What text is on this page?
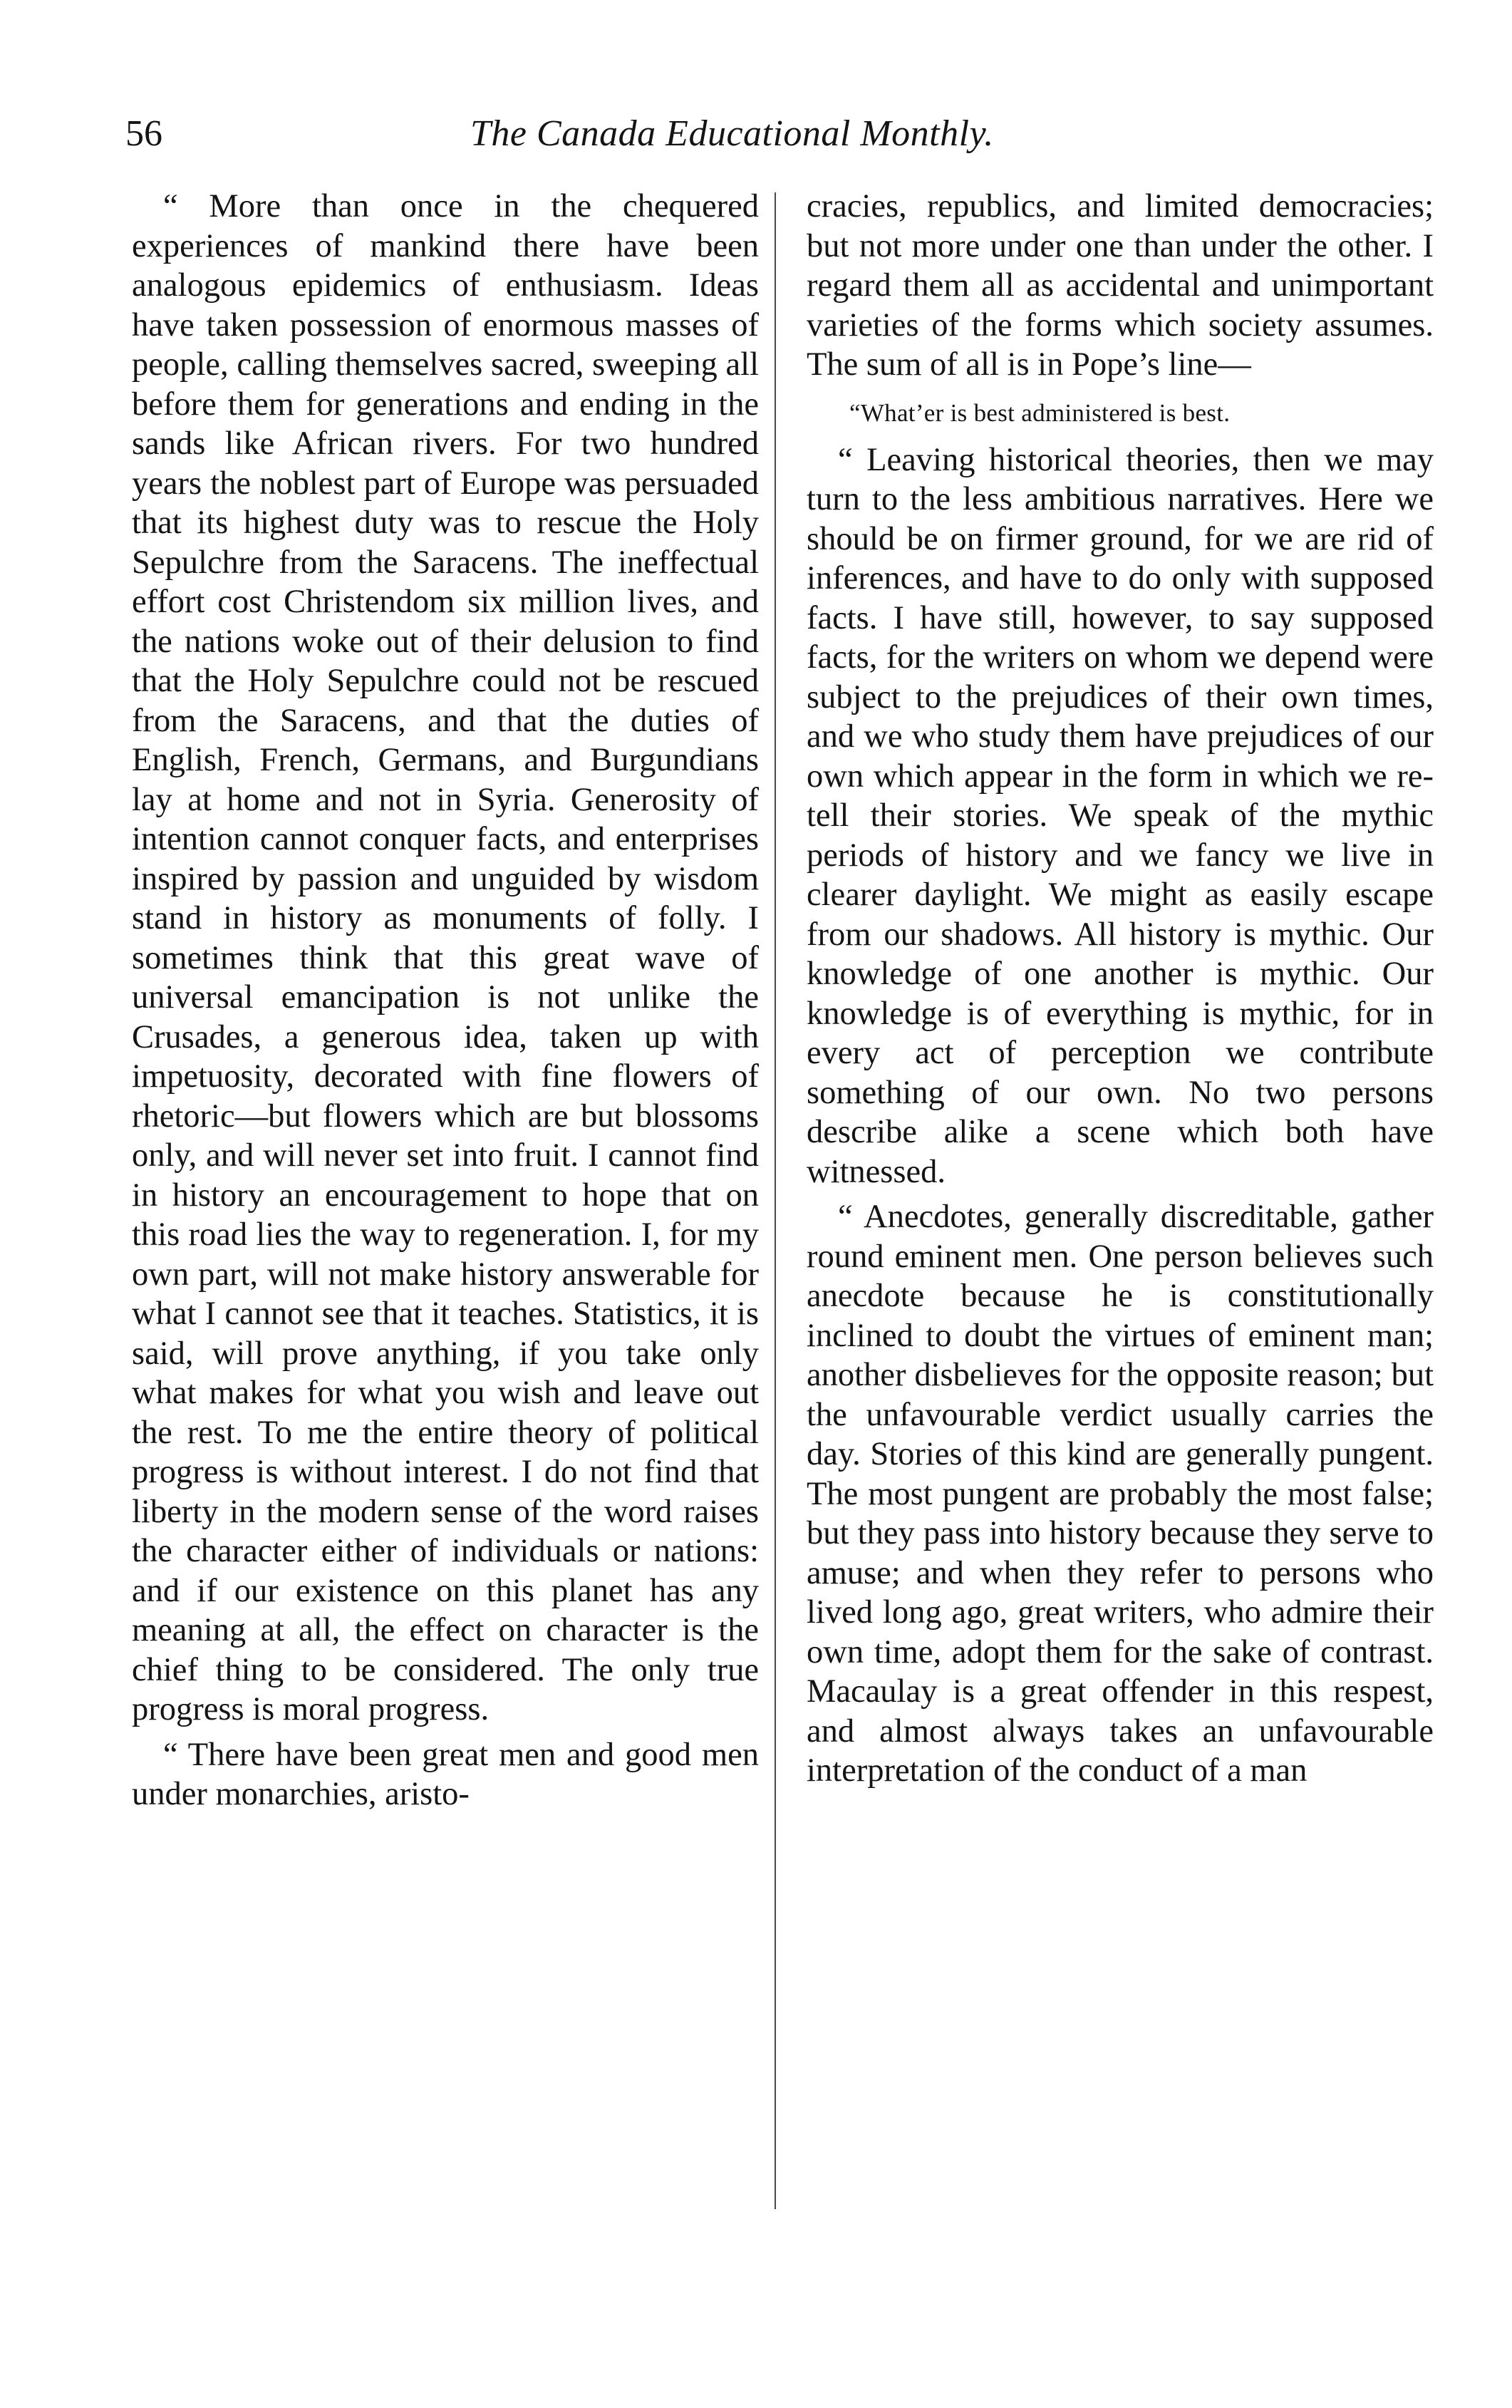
56	The Canada Educational Monthly.

“ More than once in the chequered experiences of mankind there have been analogous epidemics of enthusiasm. Ideas have taken possession of enormous masses of people, calling themselves sacred, sweeping all before them for generations and ending in the sands like African rivers. For two hundred years the noblest part of Europe was persuaded that its highest duty was to rescue the Holy Sepulchre from the Saracens. The ineffectual effort cost Christendom six million lives, and the nations woke out of their delusion to find that the Holy Sepulchre could not be rescued from the Saracens, and that the duties of English, French, Germans, and Burgundians lay at home and not in Syria. Generosity of intention cannot conquer facts, and enterprises inspired by passion and unguided by wisdom stand in history as monuments of folly. I sometimes think that this great wave of universal emancipation is not unlike the Crusades, a generous idea, taken up with impetuosity, decorated with fine flowers of rhetoric—but flowers which are but blossoms only, and will never set into fruit. I cannot find in history an encouragement to hope that on this road lies the way to regeneration. I, for my own part, will not make history answerable for what I cannot see that it teaches. Statistics, it is said, will prove anything, if you take only what makes for what you wish and leave out the rest. To me the entire theory of political progress is without interest. I do not find that liberty in the modern sense of the word raises the character either of individuals or nations: and if our existence on this planet has any meaning at all, the effect on character is the chief thing to be considered. The only true progress is moral progress.

“ There have been great men and good men under monarchies, aristo-

cracies, republics, and limited democracies; but not more under one than under the other. I regard them all as accidental and unimportant varieties of the forms which society assumes. The sum of all is in Pope’s line—

“What’er is best administered is best.

“ Leaving historical theories, then we may turn to the less ambitious narratives. Here we should be on firmer ground, for we are rid of inferences, and have to do only with supposed facts. I have still, however, to say supposed facts, for the writers on whom we depend were subject to the prejudices of their own times, and we who study them have prejudices of our own which appear in the form in which we re-tell their stories. We speak of the mythic periods of history and we fancy we live in clearer daylight. We might as easily escape from our shadows. All history is mythic. Our knowledge of one another is mythic. Our knowledge is of everything is mythic, for in every act of perception we contribute something of our own. No two persons describe alike a scene which both have witnessed.

“ Anecdotes, generally discreditable, gather round eminent men. One person believes such anecdote because he is constitutionally inclined to doubt the virtues of eminent man; another disbelieves for the opposite reason; but the unfavourable verdict usually carries the day. Stories of this kind are generally pungent. The most pungent are probably the most false; but they pass into history because they serve to amuse; and when they refer to persons who lived long ago, great writers, who admire their own time, adopt them for the sake of contrast. Macaulay is a great offender in this respest, and almost always takes an unfavourable interpretation of the conduct of a man
